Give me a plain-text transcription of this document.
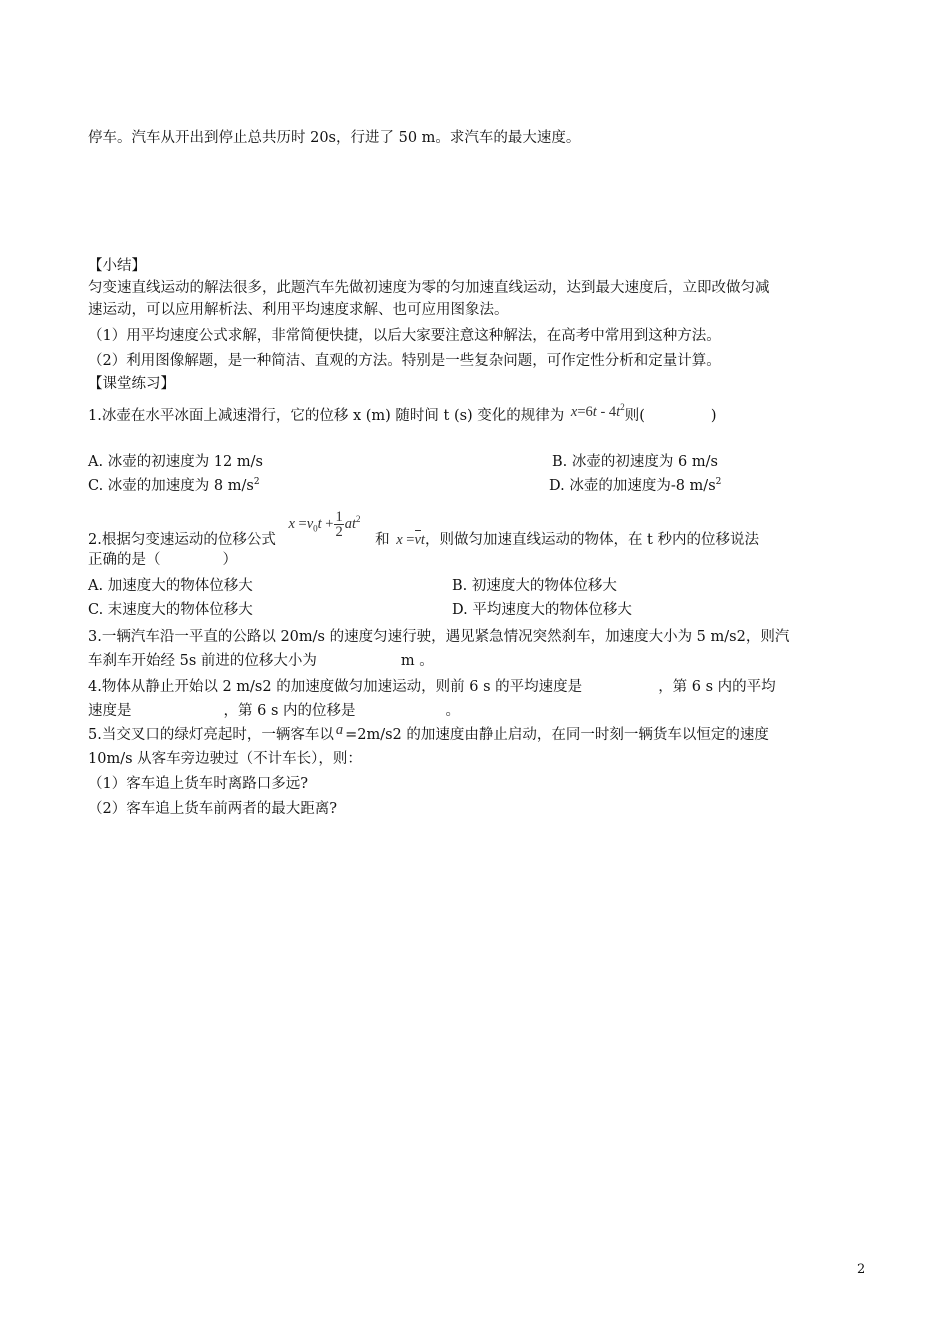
停车。汽车从开出到停止总共历时 20s，行进了 50 m。求汽车的最大速度。
【小结】
匀变速直线运动的解法很多，此题汽车先做初速度为零的匀加速直线运动，达到最大速度后，立即改做匀减
速运动，可以应用解析法、利用平均速度求解、也可应用图象法。
（1）用平均速度公式求解，非常简便快捷，以后大家要注意这种解法，在高考中常用到这种方法。
（2）利用图像解题，是一种简洁、直观的方法。特别是一些复杂问题，可作定性分析和定量计算。
【课堂练习】
1.冰壶在水平冰面上减速滑行，它的位移 x (m) 随时间 t (s) 变化的规律为 $x=6t - 4t^2$则(	)
A. 冰壶的初速度为 12 m/s	B. 冰壶的初速度为 6 m/s
C. 冰壶的加速度为 8 $m/s^2$	D. 冰壶的加速度为-8 $m/s^2$
2.根据匀变速运动的位移公式 $x =v_0t + \frac{1}{2} at^2$ 和 x =vt，则做匀加速直线运动的物体，在 t 秒内的位移说法
正确的是（	）
A. 加速度大的物体位移大	B. 初速度大的物体位移大
C. 末速度大的物体位移大	D. 平均速度大的物体位移大
3.一辆汽车沿一平直的公路以 20m/s 的速度匀速行驶，遇见紧急情况突然刹车，加速度大小为 5 m/s2，则汽
车刹车开始经 5s 前进的位移大小为	m 。
4.物体从静止开始以 2 m/s2 的加速度做匀加速运动，则前 6 s 的平均速度是	，第 6 s 内的平均
速度是	，第 6 s 内的位移是	。
5.当交叉口的绿灯亮起时，一辆客车以 a =2m/s2 的加速度由静止启动，在同一时刻一辆货车以恒定的速度
10m/s 从客车旁边驶过（不计车长），则：
（1）客车追上货车时离路口多远?
（2）客车追上货车前两者的最大距离?
2
